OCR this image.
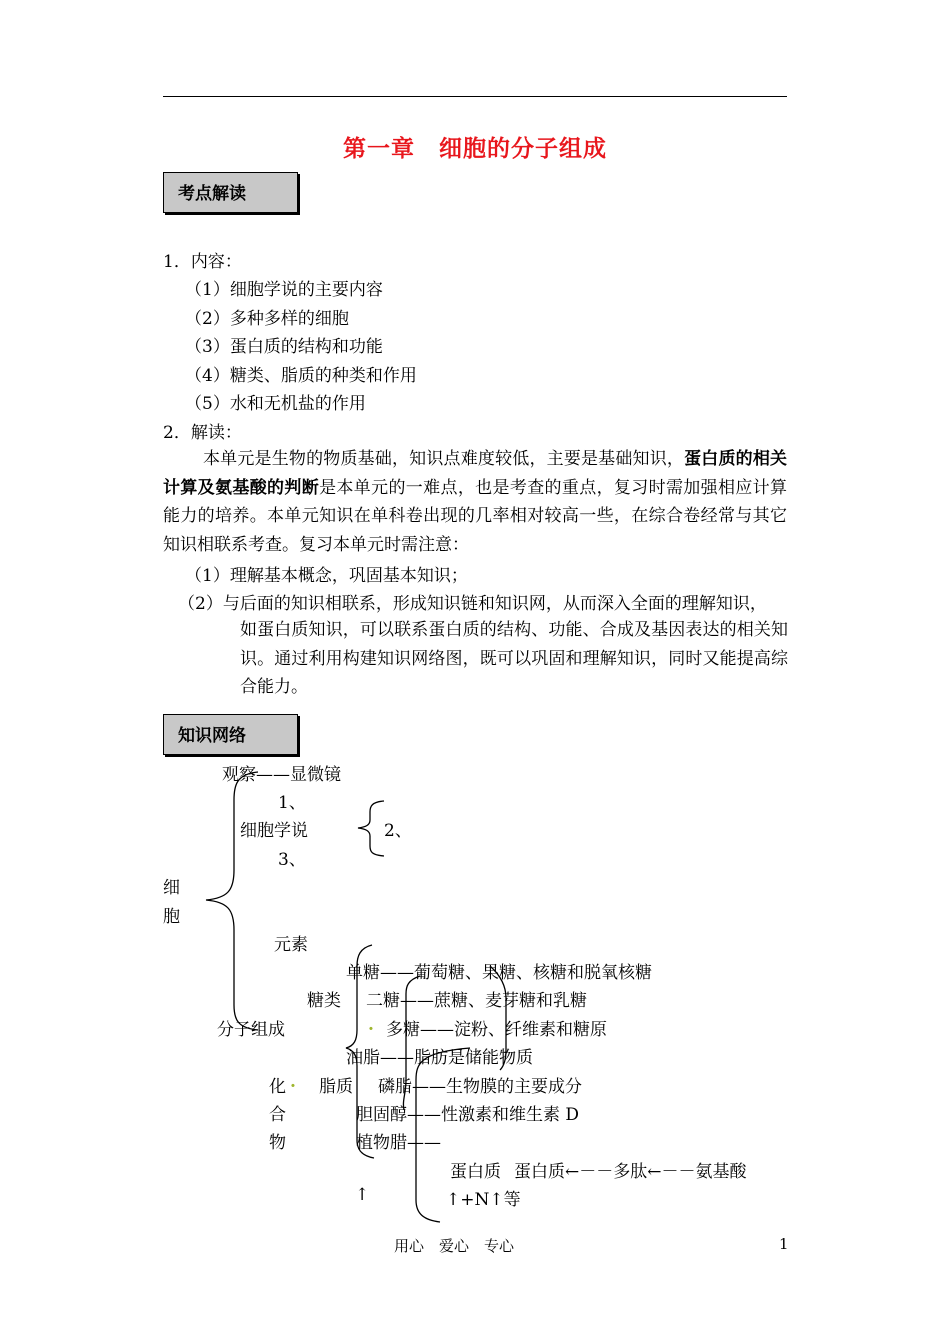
第一章　细胞的分子组成
考点解读
1．内容：
（1）细胞学说的主要内容
（2）多种多样的细胞
（3）蛋白质的结构和功能
（4）糖类、脂质的种类和作用
（5）水和无机盐的作用
2．解读：
本单元是生物的物质基础，知识点难度较低，主要是基础知识，蛋白质的相关计算及氨基酸的判断是本单元的一难点，也是考查的重点，复习时需加强相应计算能力的培养。本单元知识在单科卷出现的几率相对较高一些，在综合卷经常与其它知识相联系考查。复习本单元时需注意：
（1）理解基本概念，巩固基本知识；
（2）与后面的知识相联系，形成知识链和知识网，从而深入全面的理解知识，
如蛋白质知识，可以联系蛋白质的结构、功能、合成及基因表达的相关知识。通过利用构建知识网络图，既可以巩固和理解知识，同时又能提高综合能力。
知识网络
观察——显微镜
1、
细胞学说	2、
3、
细
胞
元素
单糖——葡萄糖、果糖、核糖和脱氧核糖
糖类 二糖——蔗糖、麦芽糖和乳糖
分子组成	. 多糖——淀粉、纤维素和糖原
油脂——脂肪是储能物质
化 . 脂质 磷脂——生物膜的主要成分
合	胆固醇——性激素和维生素 D
物	植物腊——
蛋白质 蛋白质←－－多肽←－－氨基酸
↑	↑+N↑等
用心　爱心　专心	1
